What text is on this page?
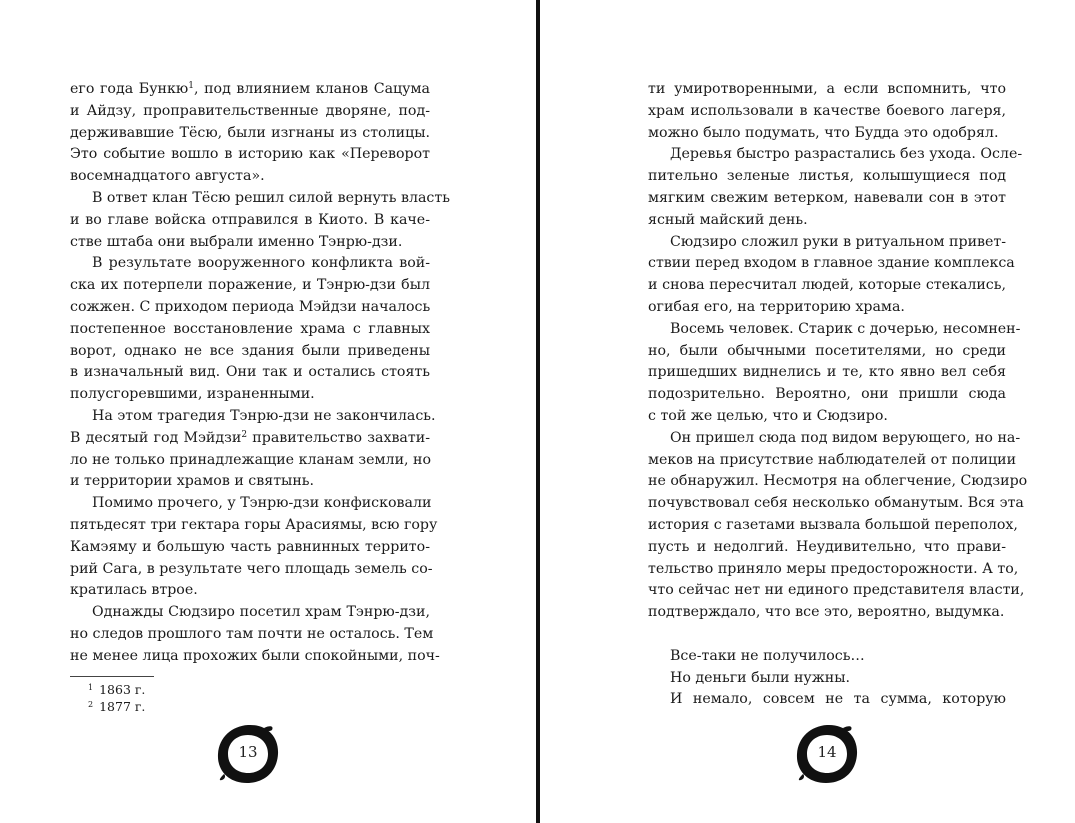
его года Бункю$^1$, под влиянием кланов Сацума
и Айдзу, проправительственные дворяне, под-
держивавшие Тёсю, были изгнаны из столицы.
Это событие вошло в историю как «Переворот
восемнадцатого августа».
В ответ клан Тёсю решил силой вернуть власть
и во главе войска отправился в Киото. В каче-
стве штаба они выбрали именно Тэнрю-дзи.
В результате вооруженного конфликта вой-
ска их потерпели поражение, и Тэнрю-дзи был
сожжен. С приходом периода Мэйдзи началось
постепенное восстановление храма с главных
ворот, однако не все здания были приведены
в изначальный вид. Они так и остались стоять
полусгоревшими, израненными.
На этом трагедия Тэнрю-дзи не закончилась.
В десятый год Мэйдзи$^2$ правительство захвати-
ло не только принадлежащие кланам земли, но
и территории храмов и святынь.
Помимо прочего, у Тэнрю-дзи конфисковали
пятьдесят три гектара горы Арасиямы, всю гору
Камэяму и большую часть равнинных террито-
рий Сага, в результате чего площадь земель со-
кратилась втрое.
Однажды Сюдзиро посетил храм Тэнрю-дзи,
но следов прошлого там почти не осталось. Тем
не менее лица прохожих были спокойными, поч-
$^1$ 1863 г.
$^2$ 1877 г.
13
ти умиротворенными, а если вспомнить, что
храм использовали в качестве боевого лагеря,
можно было подумать, что Будда это одобрял.
Деревья быстро разрастались без ухода. Осле-
пительно зеленые листья, колышущиеся под
мягким свежим ветерком, навевали сон в этот
ясный майский день.
Сюдзиро сложил руки в ритуальном привет-
ствии перед входом в главное здание комплекса
и снова пересчитал людей, которые стекались,
огибая его, на территорию храма.
Восемь человек. Старик с дочерью, несомнен-
но, были обычными посетителями, но среди
пришедших виднелись и те, кто явно вел себя
подозрительно. Вероятно, они пришли сюда
с той же целью, что и Сюдзиро.
Он пришел сюда под видом верующего, но на-
меков на присутствие наблюдателей от полиции
не обнаружил. Несмотря на облегчение, Сюдзиро
почувствовал себя несколько обманутым. Вся эта
история с газетами вызвала большой переполох,
пусть и недолгий. Неудивительно, что прави-
тельство приняло меры предосторожности. А то,
что сейчас нет ни единого представителя власти,
подтверждало, что все это, вероятно, выдумка.
Все-таки не получилось…
Но деньги были нужны.
И немало, совсем не та сумма, которую
14
